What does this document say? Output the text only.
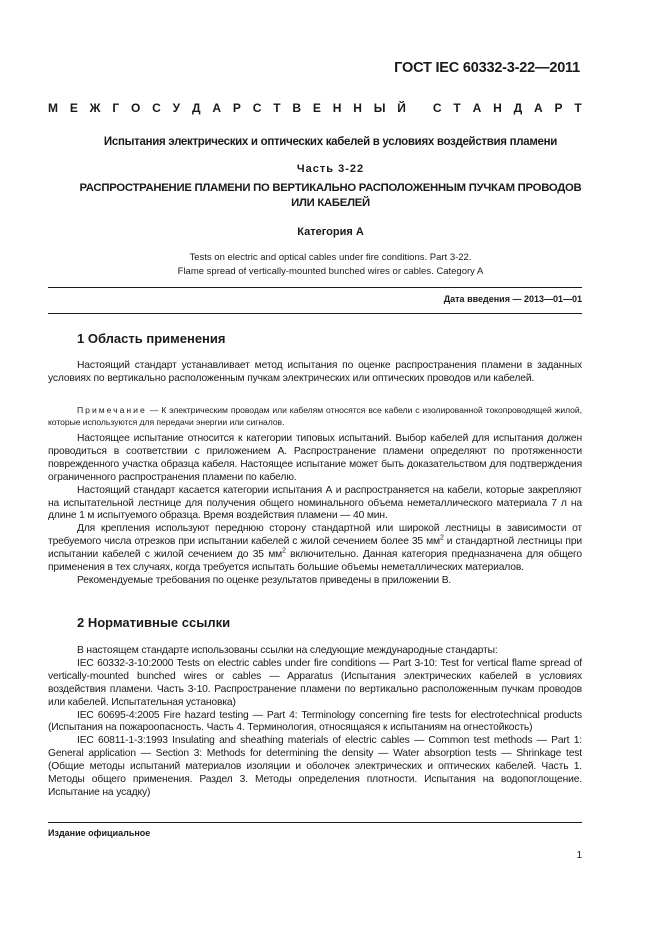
ГОСТ IEC 60332-3-22—2011
М Е Ж Г О С У Д А Р С Т В Е Н Н Ы Й
С Т А Н Д А Р Т
Испытания электрических и оптических кабелей в условиях воздействия пламени
Часть 3-22
РАСПРОСТРАНЕНИЕ ПЛАМЕНИ ПО ВЕРТИКАЛЬНО РАСПОЛОЖЕННЫМ ПУЧКАМ ПРОВОДОВ
ИЛИ КАБЕЛЕЙ
Категория А
Tests on electric and optical cables under fire conditions. Part 3-22.
Flame spread of vertically-mounted bunched wires or cables. Category A
Дата введения — 2013—01—01
1 Область применения

Настоящий стандарт устанавливает метод испытания по оценке распространения пламени в заданных условиях по вертикально расположенным пучкам электрических или оптических проводов или кабелей.

Примечание — К электрическим проводам или кабелям относятся все кабели с изолированной токопроводящей жилой, которые используются для передачи энергии или сигналов.

Настоящее испытание относится к категории типовых испытаний. Выбор кабелей для испытания должен проводиться в соответствии с приложением А. Распространение пламени определяют по протяженности поврежденного участка образца кабеля. Настоящее испытание может быть доказательством для подтверждения ограниченного распространения пламени по кабелю.

Настоящий стандарт касается категории испытания А и распространяется на кабели, которые закрепляют на испытательной лестнице для получения общего номинального объема неметаллического материала 7 л на длине 1 м испытуемого образца. Время воздействия пламени — 40 мин.

Для крепления используют переднюю сторону стандартной или широкой лестницы в зависимости от требуемого числа отрезков при испытании кабелей с жилой сечением более 35 $мм^2$ и стандартной лестницы при испытании кабелей с жилой сечением до 35 $мм^2$ включительно. Данная категория предназначена для общего применения в тех случаях, когда требуется испытать большие объемы неметаллических материалов.

Рекомендуемые требования по оценке результатов приведены в приложении В.

2 Нормативные ссылки

В настоящем стандарте использованы ссылки на следующие международные стандарты:

IEC 60332-3-10:2000 Tests on electric cables under fire conditions — Part 3-10: Test for vertical flame spread of vertically-mounted bunched wires or cables — Apparatus (Испытания электрических кабелей в условиях воздействия пламени. Часть 3-10. Распространение пламени по вертикально расположенным пучкам проводов или кабелей. Испытательная установка)

IEC 60695-4:2005 Fire hazard testing — Part 4: Terminology concerning fire tests for electrotechnical products (Испытания на пожароопасность. Часть 4. Терминология, относящаяся к испытаниям на огнестойкость)

IEC 60811-1-3:1993 Insulating and sheathing materials of electric cables — Common test methods — Part 1: General application — Section 3: Methods for determining the density — Water absorption tests — Shrinkage test (Общие методы испытаний материалов изоляции и оболочек электрических и оптических кабелей. Часть 1. Методы общего применения. Раздел 3. Методы определения плотности. Испытания на водопоглощение. Испытание на усадку)

Издание официальное
1
